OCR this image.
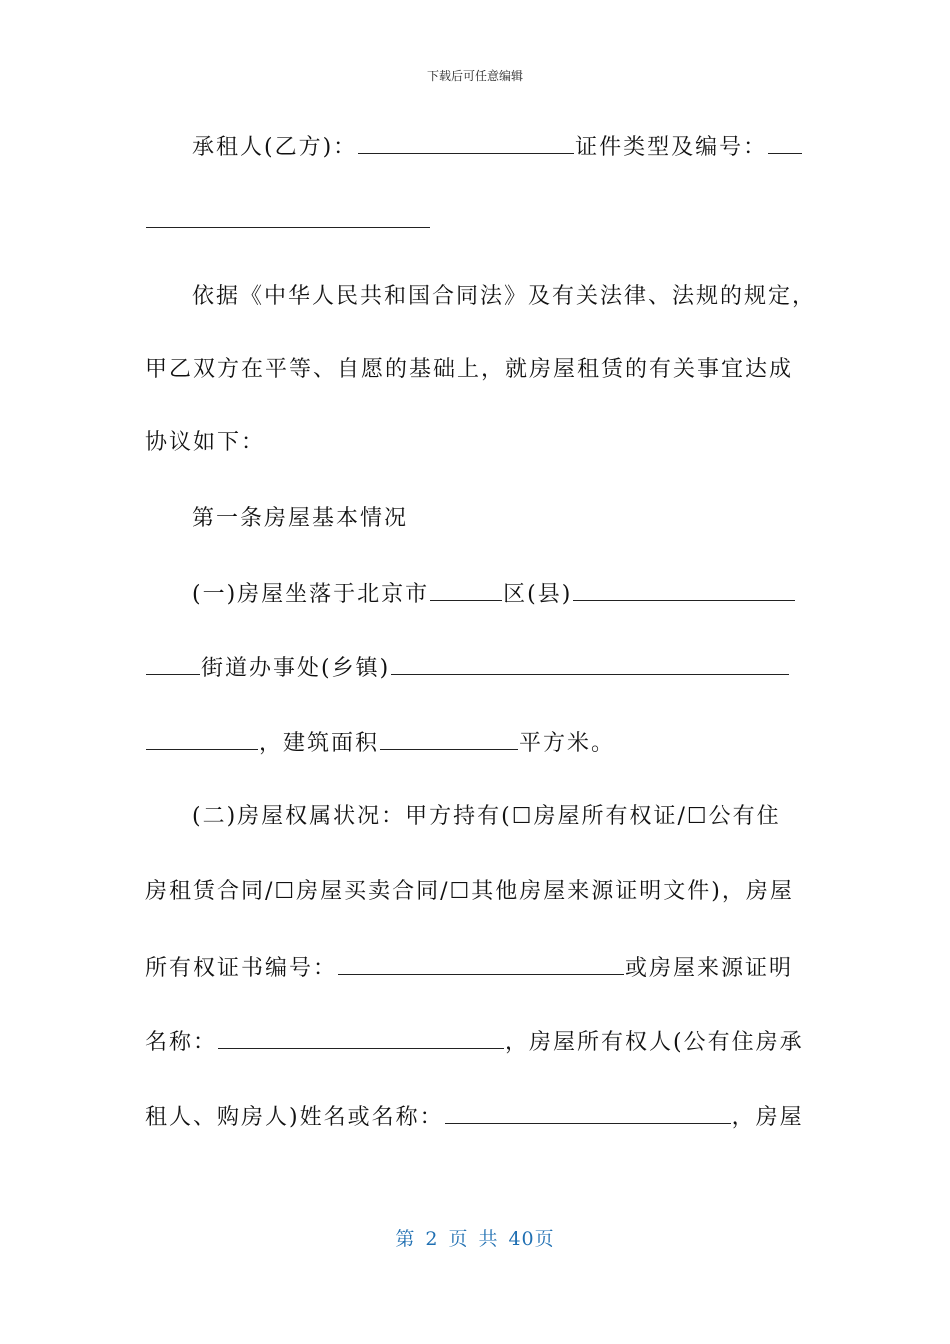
下载后可任意编辑
承租人(乙方)：	证件类型及编号：
依据《中华人民共和国合同法》及有关法律、法规的规定，
甲乙双方在平等、自愿的基础上，就房屋租赁的有关事宜达成
协议如下：
第一条房屋基本情况
(一)房屋坐落于北京市	区(县)
街道办事处(乡镇)
，建筑面积	平方米。
(二)房屋权属状况：甲方持有(☐房屋所有权证/☐公有住
房租赁合同/☐房屋买卖合同/☐其他房屋来源证明文件)，房屋
所有权证书编号：	或房屋来源证明
名称：	，房屋所有权人(公有住房承
租人、购房人)姓名或名称：	，房屋
第 2 页 共 40页
